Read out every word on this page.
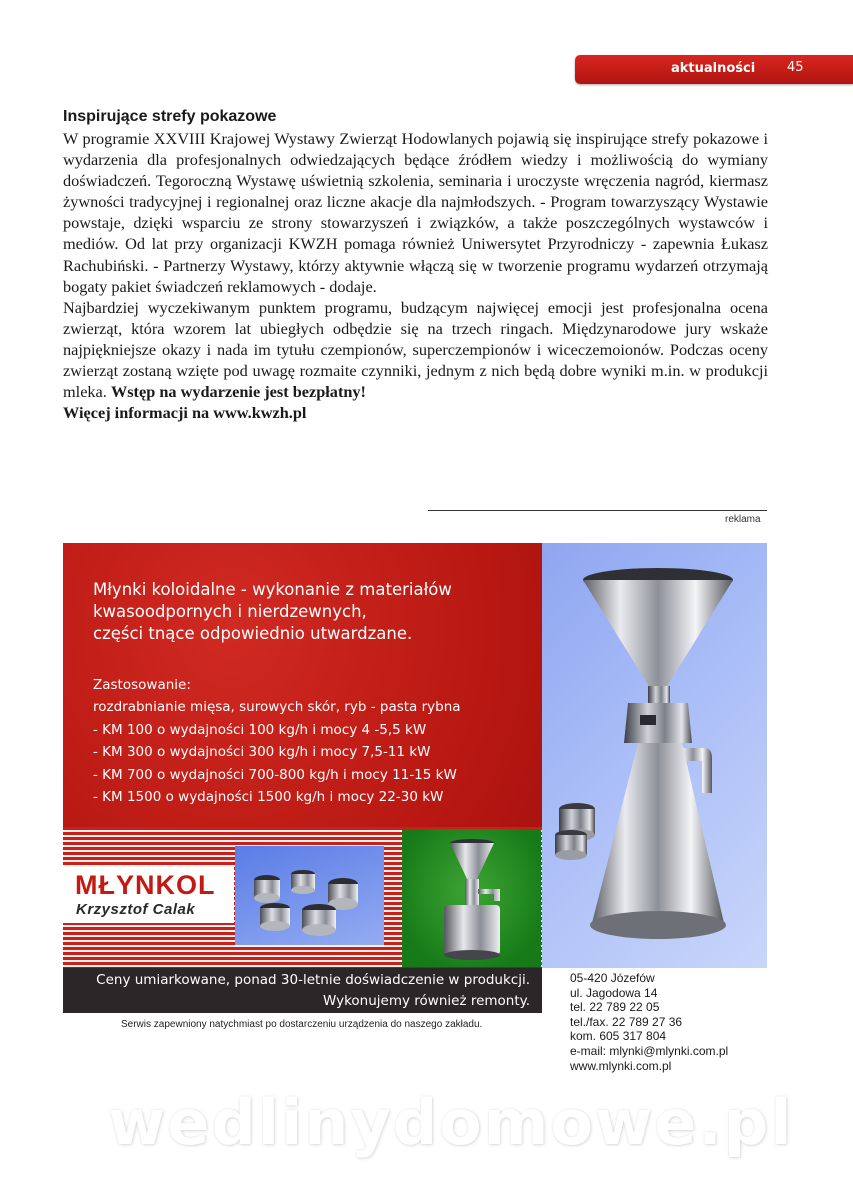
aktualności 45
Inspirujące strefy pokazowe

W programie XXVIII Krajowej Wystawy Zwierząt Hodowlanych pojawią się inspirujące strefy pokazowe i wydarzenia dla profesjonalnych odwiedzających będące źródłem wiedzy i możliwością do wymiany doświadczeń. Tegoroczną Wystawę uświetnią szkolenia, seminaria i uroczyste wręczenia nagród, kiermasz żywności tradycyjnej i regionalnej oraz liczne akacje dla najmłodszych. - Program towarzyszący Wystawie powstaje, dzięki wsparciu ze strony stowarzyszeń i związków, a także poszczególnych wystawców i mediów. Od lat przy organizacji KWZH pomaga również Uniwersytet Przyrodniczy - zapewnia Łukasz Rachubiński. - Partnerzy Wystawy, którzy aktywnie włączą się w tworzenie programu wydarzeń otrzymają bogaty pakiet świadczeń reklamowych - dodaje.

Najbardziej wyczekiwanym punktem programu, budzącym najwięcej emocji jest profesjonalna ocena zwierząt, która wzorem lat ubiegłych odbędzie się na trzech ringach. Międzynarodowe jury wskaże najpiękniejsze okazy i nada im tytułu czempionów, superczempionów i wiceczemoionów. Podczas oceny zwierząt zostaną wzięte pod uwagę rozmaite czynniki, jednym z nich będą dobre wyniki m.in. w produkcji mleka. Wstęp na wydarzenie jest bezpłatny!

Więcej informacji na www.kwzh.pl

reklama
Młynki koloidalne - wykonanie z materiałów
kwasoodpornych i nierdzewnych,
części tnące odpowiednio utwardzane.
Zastosowanie:
rozdrabnianie mięsa, surowych skór, ryb - pasta rybna
- KM 100 o wydajności 100 kg/h i mocy 4 -5,5 kW
- KM 300 o wydajności 300 kg/h i mocy 7,5-11 kW
- KM 700 o wydajności 700-800 kg/h i mocy 11-15 kW
- KM 1500 o wydajności 1500 kg/h i mocy 22-30 kW
MŁYNKOL
Krzysztof Calak
Ceny umiarkowane, ponad 30-letnie doświadczenie w produkcji.
Wykonujemy również remonty.
Serwis zapewniony natychmiast po dostarczeniu urządzenia do naszego zakładu.
05-420 Józefów
ul. Jagodowa 14
tel. 22 789 22 05
tel./fax. 22 789 27 36
kom. 605 317 804
e-mail: mlynki@mlynki.com.pl
www.mlynki.com.pl
wedlinydomowe.pl
